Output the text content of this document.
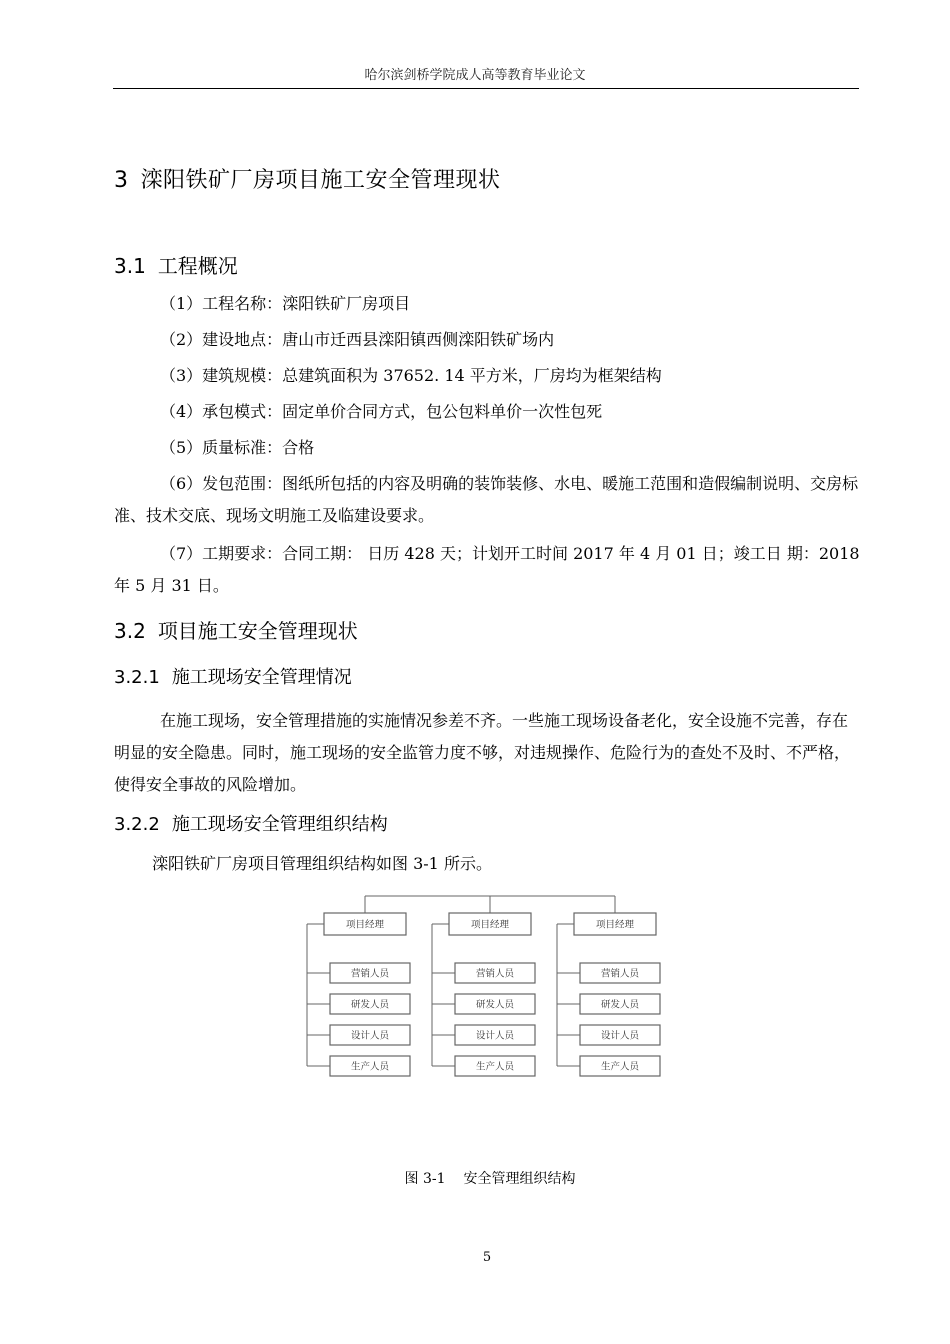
哈尔滨剑桥学院成人高等教育毕业论文
3 滦阳铁矿厂房项目施工安全管理现状
3.1 工程概况
（1）工程名称：滦阳铁矿厂房项目
（2）建设地点：唐山市迁西县滦阳镇西侧滦阳铁矿场内
（3）建筑规模：总建筑面积为 37652. 14 平方米，厂房均为框架结构
（4）承包模式：固定单价合同方式，包公包料单价一次性包死
（5）质量标准：合格
（6）发包范围：图纸所包括的内容及明确的装饰装修、水电、暖施工范围和造假编制说明、交房标准、技术交底、现场文明施工及临建设要求。
（7）工期要求：合同工期： 日历 428 天；计划开工时间 2017 年 4 月 01 日；竣工日 期：2018 年 5 月 31 日。
3.2 项目施工安全管理现状
3.2.1 施工现场安全管理情况
在施工现场，安全管理措施的实施情况参差不齐。一些施工现场设备老化，安全设施不完善，存在明显的安全隐患。同时，施工现场的安全监管力度不够，对违规操作、危险行为的查处不及时、不严格，使得安全事故的风险增加。
3.2.2 施工现场安全管理组织结构
滦阳铁矿厂房项目管理组织结构如图 3-1 所示。
项目经理
营销人员
研发人员
设计人员
生产人员
项目经理
营销人员
研发人员
设计人员
生产人员
项目经理
营销人员
研发人员
设计人员
生产人员
图 3-1 安全管理组织结构
5
